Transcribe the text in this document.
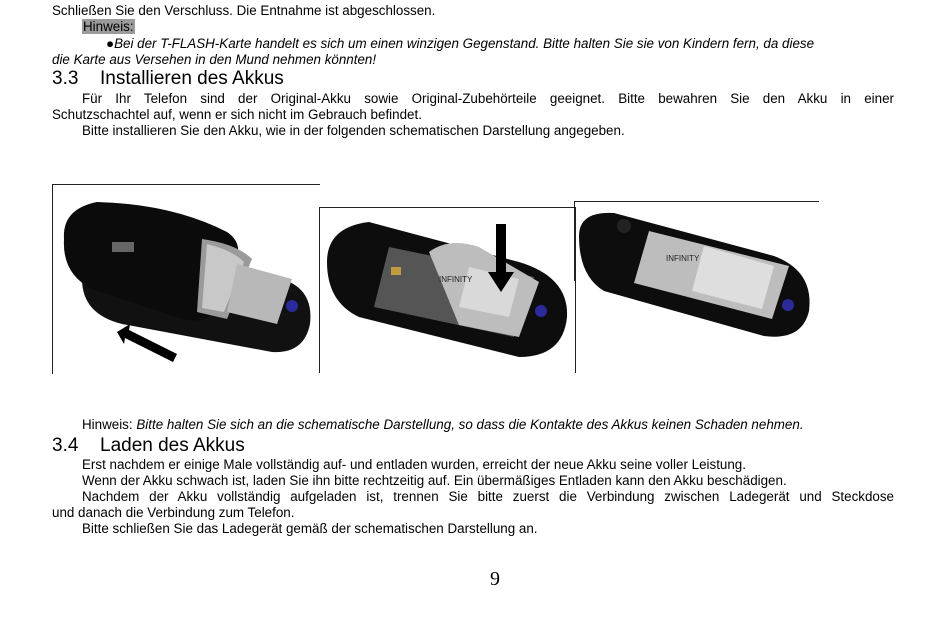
Schließen Sie den Verschluss. Die Entnahme ist abgeschlossen.
Hinweis:
●Bei der T-FLASH-Karte handelt es sich um einen winzigen Gegenstand. Bitte halten Sie sie von Kindern fern, da diese
die Karte aus Versehen in den Mund nehmen könnten!
3.3 Installieren des Akkus
Für Ihr Telefon sind der Original-Akku sowie Original-Zubehörteile geeignet. Bitte bewahren Sie den Akku in einer
Schutzschachtel auf, wenn er sich nicht im Gebrauch befindet.
Bitte installieren Sie den Akku, wie in der folgenden schematischen Darstellung angegeben.
INFINITY
INFINITY
Hinweis: Bitte halten Sie sich an die schematische Darstellung, so dass die Kontakte des Akkus keinen Schaden nehmen.
3.4 Laden des Akkus
Erst nachdem er einige Male vollständig auf- und entladen wurden, erreicht der neue Akku seine voller Leistung.
Wenn der Akku schwach ist, laden Sie ihn bitte rechtzeitig auf. Ein übermäßiges Entladen kann den Akku beschädigen.
Nachdem der Akku vollständig aufgeladen ist, trennen Sie bitte zuerst die Verbindung zwischen Ladegerät und Steckdose
und danach die Verbindung zum Telefon.
Bitte schließen Sie das Ladegerät gemäß der schematischen Darstellung an.
9
